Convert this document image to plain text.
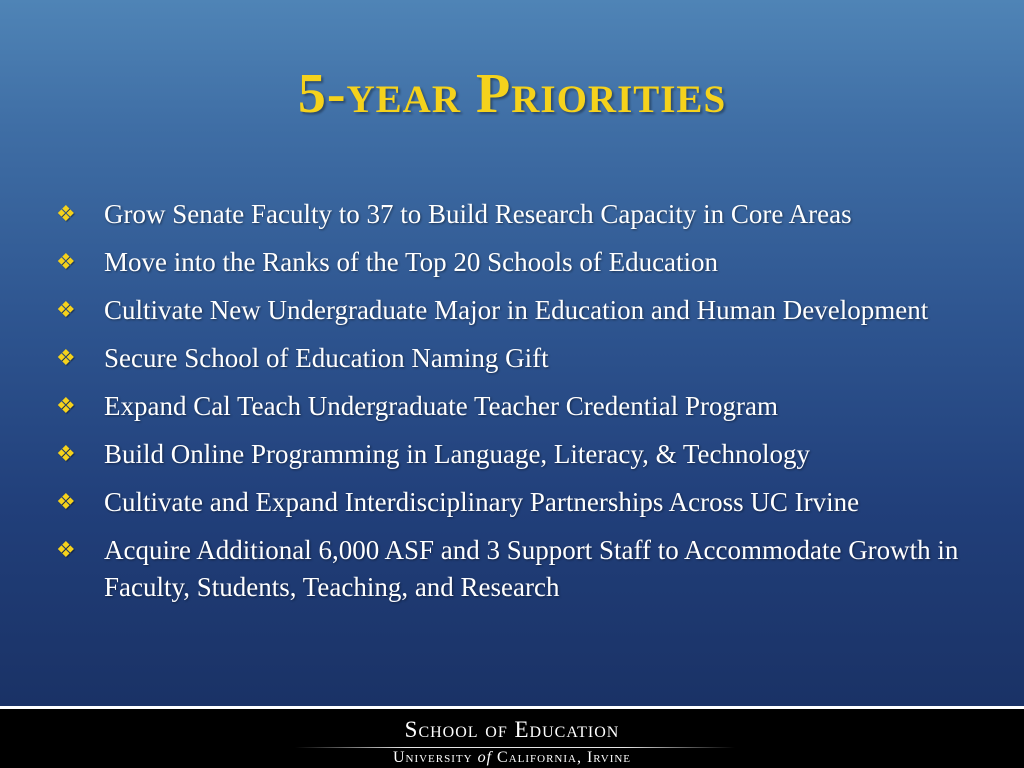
5-year Priorities
❖	Grow Senate Faculty to 37 to Build Research Capacity in Core Areas
❖	Move into the Ranks of the Top 20 Schools of Education
❖	Cultivate New Undergraduate Major in Education and Human Development
❖	Secure School of Education Naming Gift
❖	Expand Cal Teach Undergraduate Teacher Credential Program
❖	Build Online Programming in Language, Literacy, & Technology
❖	Cultivate and Expand Interdisciplinary Partnerships Across UC Irvine
❖	Acquire Additional 6,000 ASF and 3 Support Staff to Accommodate Growth in Faculty, Students, Teaching, and Research
School of Education
University of California, Irvine
